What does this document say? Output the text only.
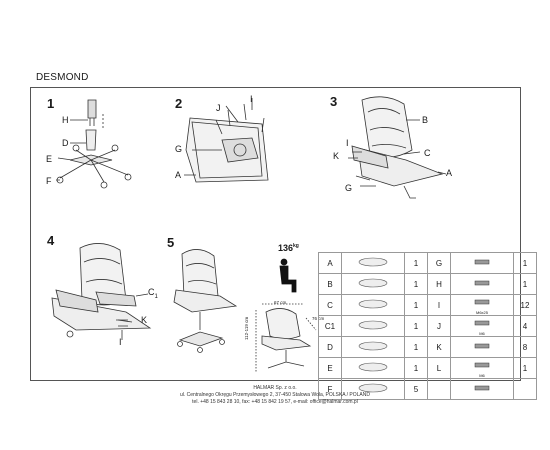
DESMOND
1	2	3
4	5
H
D
E
F
J
I
G
A
B
I
K	C
A
G
$C_1$
K
I
$136^{kg}$
67 cm
76 cm
112-119 cm
A		1	G		1
B		1	H		1
C		1	I	M6x25	12
C1		1	J	M6	4
D		1	K		8
E		1	L	M6	1
F		5			
HALMAR Sp. z o.o.
ul. Centralnego Okręgu Przemysłowego 2, 37-450 Stalowa Wola, POLSKA / POLAND
tel. +48 15 843 28 10, fax: +48 15 842 19 57, e-mail: office@halmar.com.pl
